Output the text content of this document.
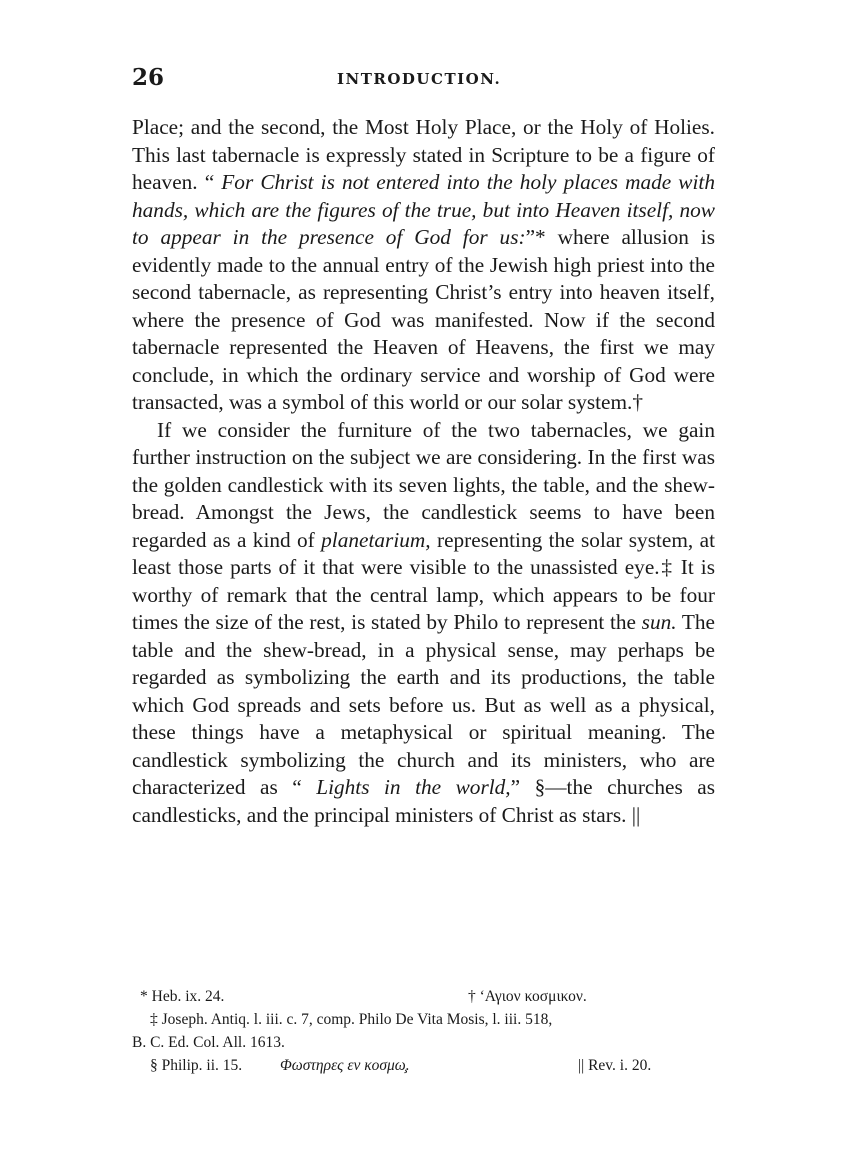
26	INTRODUCTION.

Place; and the second, the Most Holy Place, or the Holy of Holies. This last tabernacle is expressly stated in Scripture to be a figure of heaven. “ For Christ is not entered into the holy places made with hands, which are the figures of the true, but into Heaven itself, now to appear in the presence of God for us:”* where allusion is evidently made to the annual entry of the Jewish high priest into the second tabernacle, as representing Christ’s entry into heaven itself, where the presence of God was manifested. Now if the second tabernacle represented the Heaven of Heavens, the first we may conclude, in which the ordinary service and worship of God were transacted, was a symbol of this world or our solar system.†

If we consider the furniture of the two tabernacles, we gain further instruction on the subject we are considering. In the first was the golden candlestick with its seven lights, the table, and the shew-bread. Amongst the Jews, the candlestick seems to have been regarded as a kind of planetarium, representing the solar system, at least those parts of it that were visible to the unassisted eye.‡ It is worthy of remark that the central lamp, which appears to be four times the size of the rest, is stated by Philo to represent the sun. The table and the shew-bread, in a physical sense, may perhaps be regarded as symbolizing the earth and its productions, the table which God spreads and sets before us. But as well as a physical, these things have a metaphysical or spiritual meaning. The candlestick symbolizing the church and its ministers, who are characterized as “ Lights in the world,” §—the churches as candlesticks, and the principal ministers of Christ as stars. ||

* Heb. ix. 24.	† ‘Αγιον κοσμικον.
‡ Joseph. Antiq. l. iii. c. 7, comp. Philo De Vita Mosis, l. iii. 518,
B. C. Ed. Col. All. 1613.
§ Philip. ii. 15. Φωστηρες εν κοσμω̧.	|| Rev. i. 20.
